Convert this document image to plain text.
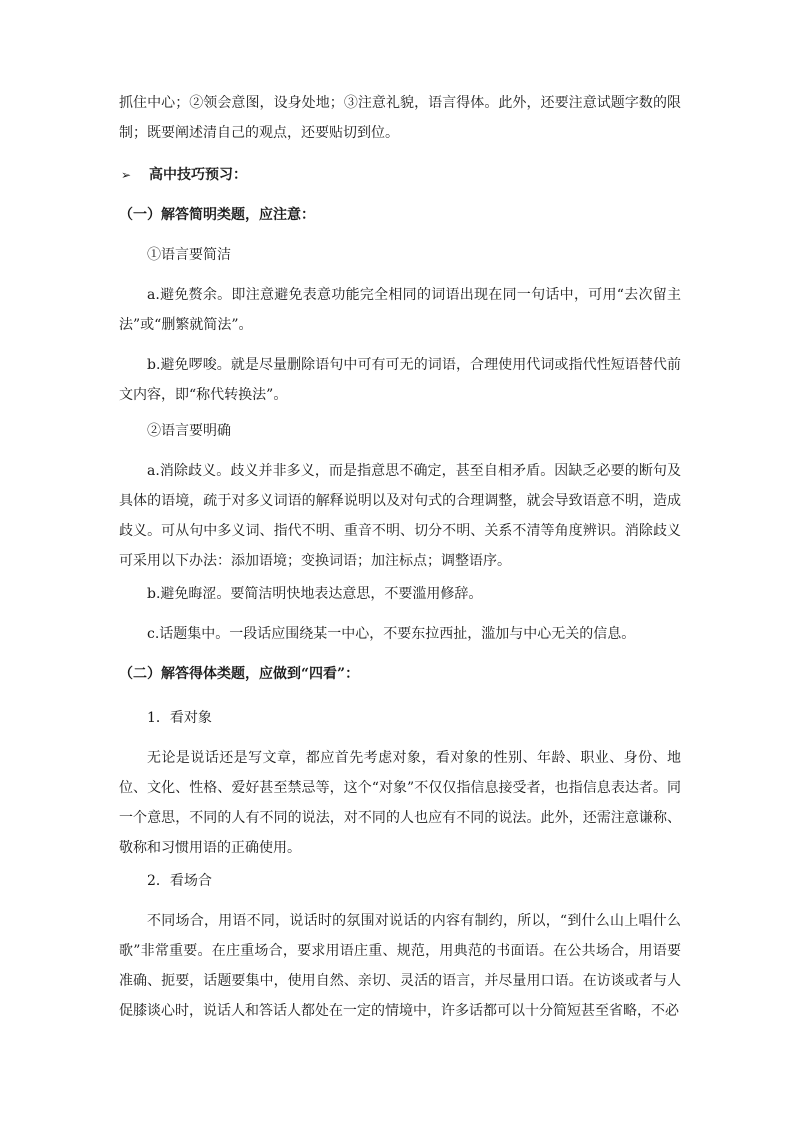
抓住中心；②领会意图，设身处地；③注意礼貌，语言得体。此外，还要注意试题字数的限制；既要阐述清自己的观点，还要贴切到位。

➢ 高中技巧预习：

（一）解答简明类题，应注意：

①语言要简洁

a.避免赘余。即注意避免表意功能完全相同的词语出现在同一句话中，可用“去次留主法”或“删繁就简法”。

b.避免啰唆。就是尽量删除语句中可有可无的词语，合理使用代词或指代性短语替代前文内容，即“称代转换法”。

②语言要明确

a.消除歧义。歧义并非多义，而是指意思不确定，甚至自相矛盾。因缺乏必要的断句及具体的语境，疏于对多义词语的解释说明以及对句式的合理调整，就会导致语意不明，造成歧义。可从句中多义词、指代不明、重音不明、切分不明、关系不清等角度辨识。消除歧义可采用以下办法：添加语境；变换词语；加注标点；调整语序。

b.避免晦涩。要简洁明快地表达意思，不要滥用修辞。

c.话题集中。一段话应围绕某一中心，不要东拉西扯，滥加与中心无关的信息。

（二）解答得体类题，应做到“四看”：

1．看对象

无论是说话还是写文章，都应首先考虑对象，看对象的性别、年龄、职业、身份、地位、文化、性格、爱好甚至禁忌等，这个“对象”不仅仅指信息接受者，也指信息表达者。同一个意思，不同的人有不同的说法，对不同的人也应有不同的说法。此外，还需注意谦称、敬称和习惯用语的正确使用。

2．看场合

不同场合，用语不同，说话时的氛围对说话的内容有制约，所以，“到什么山上唱什么歌”非常重要。在庄重场合，要求用语庄重、规范，用典范的书面语。在公共场合，用语要准确、扼要，话题要集中，使用自然、亲切、灵活的语言，并尽量用口语。在访谈或者与人促膝谈心时，说话人和答话人都处在一定的情境中，许多话都可以十分简短甚至省略，不必
